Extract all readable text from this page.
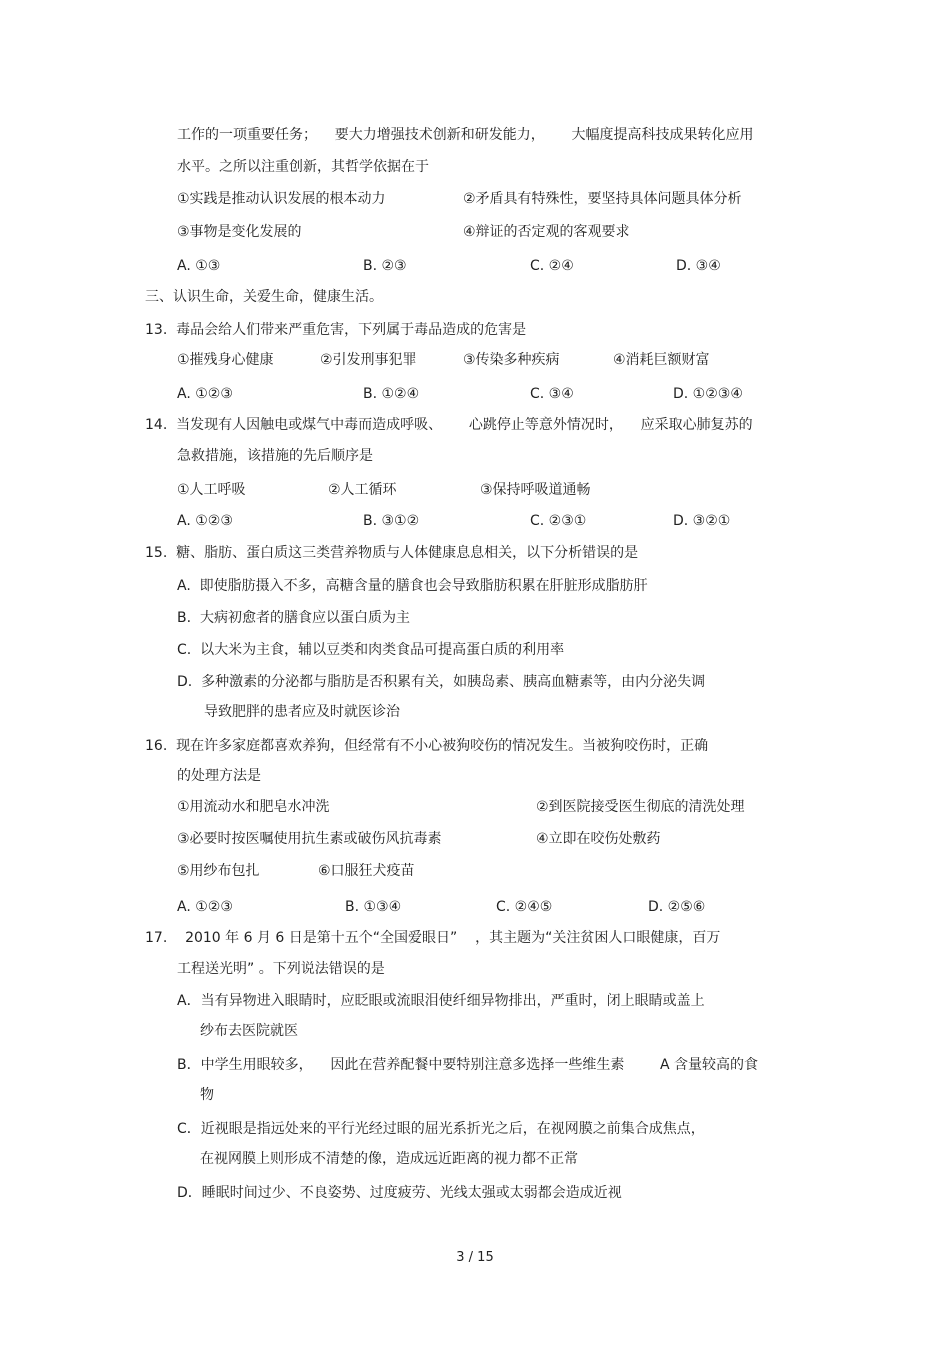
工作的一项重要任务；    要大力增强技术创新和研发能力，      大幅度提高科技成果转化应用
水平。之所以注重创新，其哲学依据在于
①实践是推动认识发展的根本动力	②矛盾具有特殊性，要坚持具体问题具体分析
③事物是变化发展的	④辩证的否定观的客观要求
A. ①③	B. ②③	C. ②④	D. ③④
三、认识生命，关爱生命，健康生活。
13.  毒品会给人们带来严重危害，下列属于毒品造成的危害是
①摧残身心健康	②引发刑事犯罪	③传染多种疾病	④消耗巨额财富
A. ①②③	B. ①②④	C. ③④	D. ①②③④
14.  当发现有人因触电或煤气中毒而造成呼吸、      心跳停止等意外情况时，    应采取心肺复苏的
急救措施，该措施的先后顺序是
①人工呼吸	②人工循环	③保持呼吸道通畅
A. ①②③	B. ③①②	C. ②③①	D. ③②①
15.  糖、脂肪、蛋白质这三类营养物质与人体健康息息相关，以下分析错误的是
A.  即使脂肪摄入不多，高糖含量的膳食也会导致脂肪积累在肝脏形成脂肪肝
B.  大病初愈者的膳食应以蛋白质为主
C.  以大米为主食，辅以豆类和肉类食品可提高蛋白质的利用率
D.  多种激素的分泌都与脂肪是否积累有关，如胰岛素、胰高血糖素等，由内分泌失调
导致肥胖的患者应及时就医诊治
16.  现在许多家庭都喜欢养狗，但经常有不小心被狗咬伤的情况发生。当被狗咬伤时，正确
的处理方法是
①用流动水和肥皂水冲洗	②到医院接受医生彻底的清洗处理
③必要时按医嘱使用抗生素或破伤风抗毒素	④立即在咬伤处敷药
⑤用纱布包扎	⑥口服狂犬疫苗
A. ①②③	B. ①③④	C. ②④⑤	D. ②⑤⑥
17.    2010 年 6 月 6 日是第十五个“全国爱眼日”    ，其主题为“关注贫困人口眼健康，百万
工程送光明” 。下列说法错误的是
A．当有异物进入眼睛时，应眨眼或流眼泪使纤细异物排出，严重时，闭上眼睛或盖上
纱布去医院就医
B．中学生用眼较多，    因此在营养配餐中要特别注意多选择一些维生素        A 含量较高的食
物
C．近视眼是指远处来的平行光经过眼的屈光系折光之后，在视网膜之前集合成焦点，
在视网膜上则形成不清楚的像，造成远近距离的视力都不正常
D．睡眠时间过少、不良姿势、过度疲劳、光线太强或太弱都会造成近视
3 / 15
